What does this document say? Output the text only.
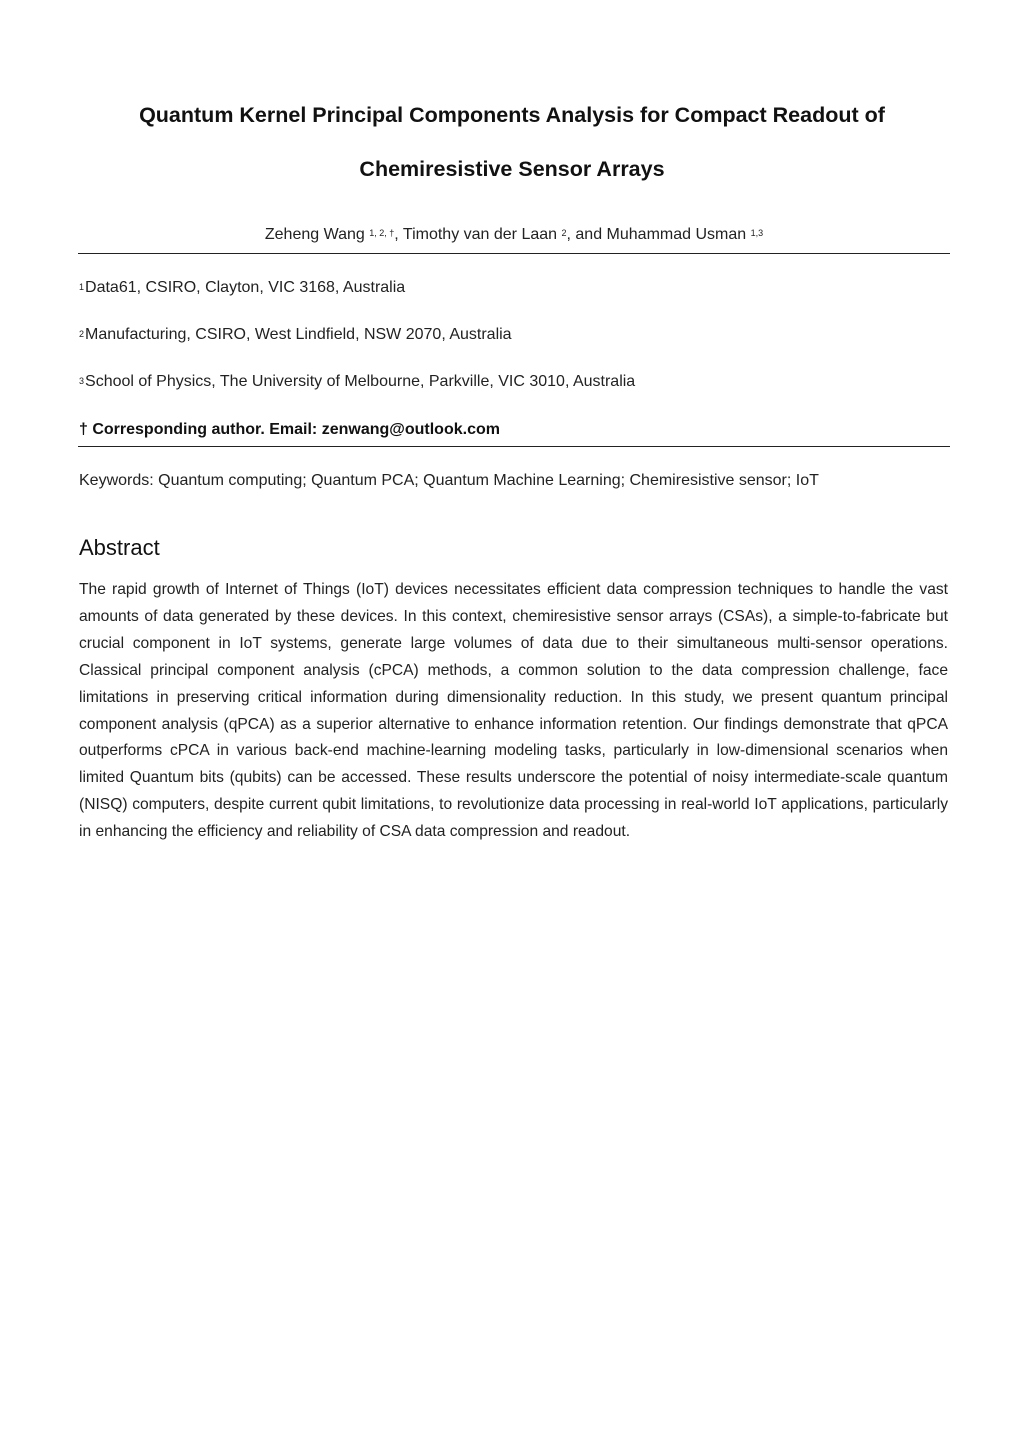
Quantum Kernel Principal Components Analysis for Compact Readout of
Chemiresistive Sensor Arrays
Zeheng Wang $^{1, 2, \dagger}$, Timothy van der Laan $^2$, and Muhammad Usman $^{1,3}$
$^1$Data61, CSIRO, Clayton, VIC 3168, Australia
$^2$Manufacturing, CSIRO, West Lindfield, NSW 2070, Australia
$^3$School of Physics, The University of Melbourne, Parkville, VIC 3010, Australia
† Corresponding author. Email: zenwang@outlook.com
Keywords: Quantum computing; Quantum PCA; Quantum Machine Learning; Chemiresistive sensor; IoT
Abstract

The rapid growth of Internet of Things (IoT) devices necessitates efficient data compression techniques to handle the vast amounts of data generated by these devices. In this context, chemiresistive sensor arrays (CSAs), a simple-to-fabricate but crucial component in IoT systems, generate large volumes of data due to their simultaneous multi-sensor operations. Classical principal component analysis (cPCA) methods, a common solution to the data compression challenge, face limitations in preserving critical information during dimensionality reduction. In this study, we present quantum principal component analysis (qPCA) as a superior alternative to enhance information retention. Our findings demonstrate that qPCA outperforms cPCA in various back-end machine-learning modeling tasks, particularly in low-dimensional scenarios when limited Quantum bits (qubits) can be accessed. These results underscore the potential of noisy intermediate-scale quantum (NISQ) computers, despite current qubit limitations, to revolutionize data processing in real-world IoT applications, particularly in enhancing the efficiency and reliability of CSA data compression and readout.
